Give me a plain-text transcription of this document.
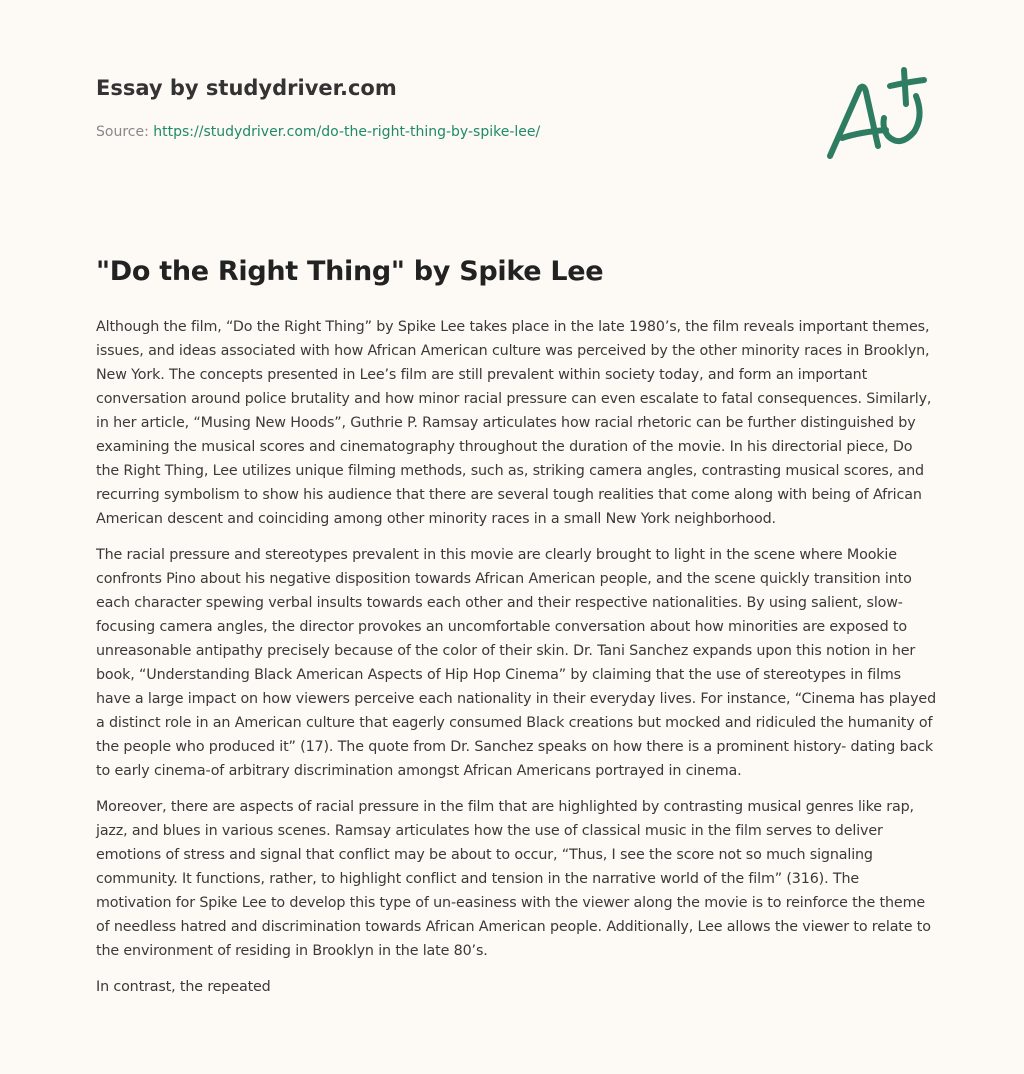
Essay by studydriver.com
Source: https://studydriver.com/do-the-right-thing-by-spike-lee/
"Do the Right Thing" by Spike Lee

Although the film, “Do the Right Thing” by Spike Lee takes place in the late 1980’s, the film reveals important themes, issues, and ideas associated with how African American culture was perceived by the other minority races in Brooklyn, New York. The concepts presented in Lee’s film are still prevalent within society today, and form an important conversation around police brutality and how minor racial pressure can even escalate to fatal consequences. Similarly, in her article, “Musing New Hoods”, Guthrie P. Ramsay articulates how racial rhetoric can be further distinguished by examining the musical scores and cinematography throughout the duration of the movie. In his directorial piece, Do the Right Thing, Lee utilizes unique filming methods, such as, striking camera angles, contrasting musical scores, and recurring symbolism to show his audience that there are several tough realities that come along with being of African American descent and coinciding among other minority races in a small New York neighborhood.

The racial pressure and stereotypes prevalent in this movie are clearly brought to light in the scene where Mookie confronts Pino about his negative disposition towards African American people, and the scene quickly transition into each character spewing verbal insults towards each other and their respective nationalities. By using salient, slow-focusing camera angles, the director provokes an uncomfortable conversation about how minorities are exposed to unreasonable antipathy precisely because of the color of their skin. Dr. Tani Sanchez expands upon this notion in her book, “Understanding Black American Aspects of Hip Hop Cinema” by claiming that the use of stereotypes in films have a large impact on how viewers perceive each nationality in their everyday lives. For instance, “Cinema has played a distinct role in an American culture that eagerly consumed Black creations but mocked and ridiculed the humanity of the people who produced it” (17). The quote from Dr. Sanchez speaks on how there is a prominent history- dating back to early cinema-of arbitrary discrimination amongst African Americans portrayed in cinema.

Moreover, there are aspects of racial pressure in the film that are highlighted by contrasting musical genres like rap, jazz, and blues in various scenes. Ramsay articulates how the use of classical music in the film serves to deliver emotions of stress and signal that conflict may be about to occur, “Thus, I see the score not so much signaling community. It functions, rather, to highlight conflict and tension in the narrative world of the film” (316). The motivation for Spike Lee to develop this type of un-easiness with the viewer along the movie is to reinforce the theme of needless hatred and discrimination towards African American people. Additionally, Lee allows the viewer to relate to the environment of residing in Brooklyn in the late 80’s.

In contrast, the repeated
